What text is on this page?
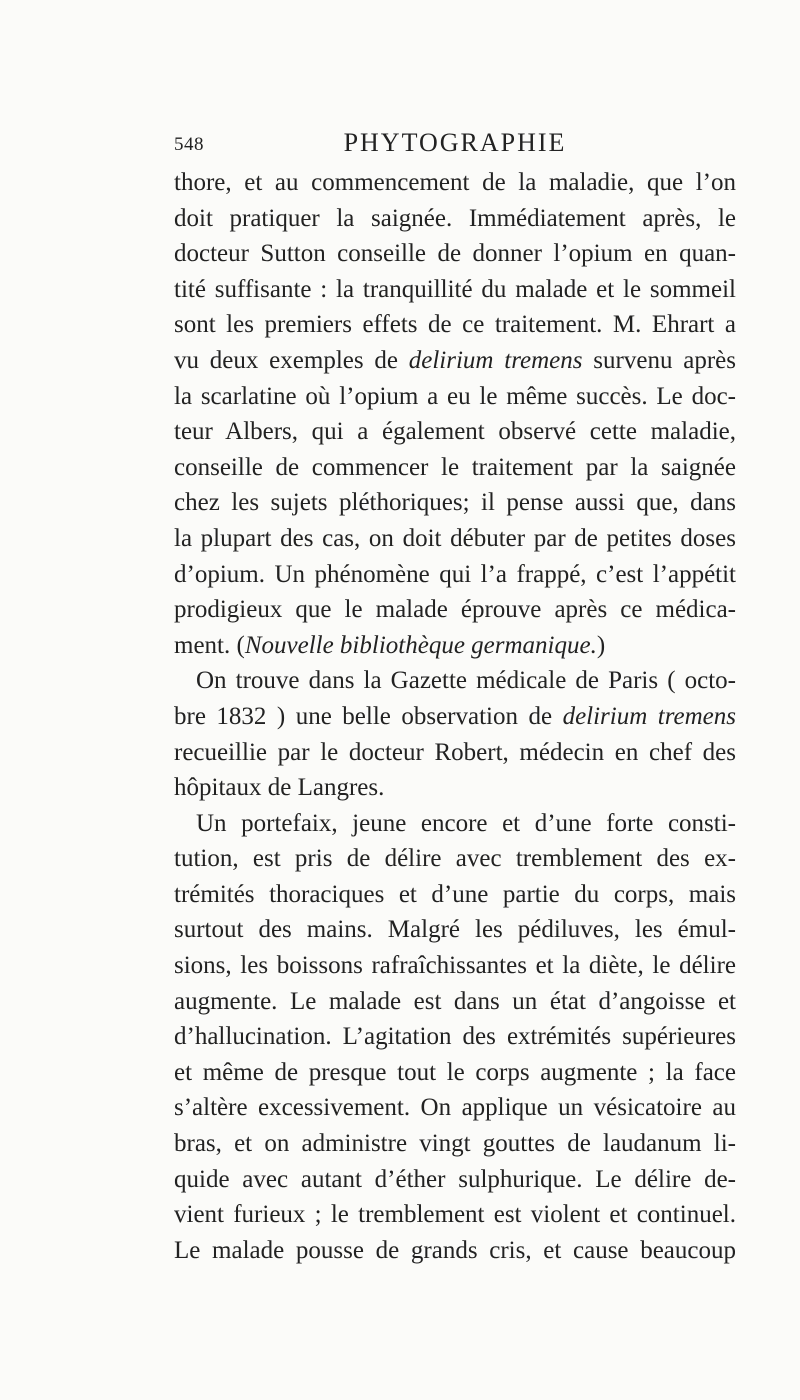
548	PHYTOGRAPHIE
thore, et au commencement de la maladie, que l’on
doit pratiquer la saignée. Immédiatement après, le
docteur Sutton conseille de donner l’opium en quan-
tité suffisante : la tranquillité du malade et le sommeil
sont les premiers effets de ce traitement. M. Ehrart a
vu deux exemples de delirium tremens survenu après
la scarlatine où l’opium a eu le même succès. Le doc-
teur Albers, qui a également observé cette maladie,
conseille de commencer le traitement par la saignée
chez les sujets pléthoriques; il pense aussi que, dans
la plupart des cas, on doit débuter par de petites doses
d’opium. Un phénomène qui l’a frappé, c’est l’appétit
prodigieux que le malade éprouve après ce médica-
ment. (Nouvelle bibliothèque germanique.)
On trouve dans la Gazette médicale de Paris ( octo-
bre 1832 ) une belle observation de delirium tremens
recueillie par le docteur Robert, médecin en chef des
hôpitaux de Langres.
Un portefaix, jeune encore et d’une forte consti-
tution, est pris de délire avec tremblement des ex-
trémités thoraciques et d’une partie du corps, mais
surtout des mains. Malgré les pédiluves, les émul-
sions, les boissons rafraîchissantes et la diète, le délire
augmente. Le malade est dans un état d’angoisse et
d’hallucination. L’agitation des extrémités supérieures
et même de presque tout le corps augmente ; la face
s’altère excessivement. On applique un vésicatoire au
bras, et on administre vingt gouttes de laudanum li-
quide avec autant d’éther sulphurique. Le délire de-
vient furieux ; le tremblement est violent et continuel.
Le malade pousse de grands cris, et cause beaucoup
